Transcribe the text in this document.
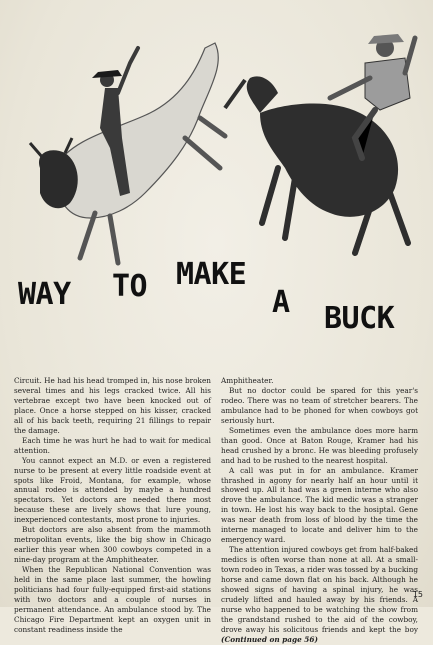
WAY TO MAKE
A BUCK

Circuit. He had his head tromped in, his nose broken several times and his legs cracked twice. All his vertebrae except two have been knocked out of place. Once a horse stepped on his kisser, cracked all of his back teeth, requiring 21 fillings to repair the damage.

Each time he was hurt he had to wait for medical attention.

You cannot expect an M.D. or even a registered nurse to be present at every little roadside event at spots like Froid, Montana, for example, whose annual rodeo is attended by maybe a hundred spectators. Yet doctors are needed there most because these are lively shows that lure young, inexperienced contestants, most prone to injuries.

But doctors are also absent from the mammoth metropolitan events, like the big show in Chicago earlier this year when 300 cowboys competed in a nine-day program at the Amphitheater.

When the Republican National Convention was held in the same place last summer, the howling politicians had four fully-equipped first-aid stations with two doctors and a couple of nurses in permanent attendance. An ambulance stood by. The Chicago Fire Department kept an oxygen unit in constant readiness inside the

Amphitheater.

But no doctor could be spared for this year's rodeo. There was no team of stretcher bearers. The ambulance had to be phoned for when cowboys got seriously hurt.

Sometimes even the ambulance does more harm than good. Once at Baton Rouge, Kramer had his head crushed by a bronc. He was bleeding profusely and had to be rushed to the nearest hospital.

A call was put in for an ambulance. Kramer thrashed in agony for nearly half an hour until it showed up. All it had was a green interne who also drove the ambulance. The kid medic was a stranger in town. He lost his way back to the hosiptal. Gene was near death from loss of blood by the time the interne managed to locate and deliver him to the emergency ward.

The attention injured cowboys get from half-baked medics is often worse than none at all. At a small-town rodeo in Texas, a rider was tossed by a bucking horse and came down flat on his back. Although he showed signs of having a spinal injury, he was crudely lifted and hauled away by his friends. A nurse who happened to be watching the show from the grandstand rushed to the aid of the cowboy, drove away his solicitous friends and kept the boy (Continued on page 56)

15
